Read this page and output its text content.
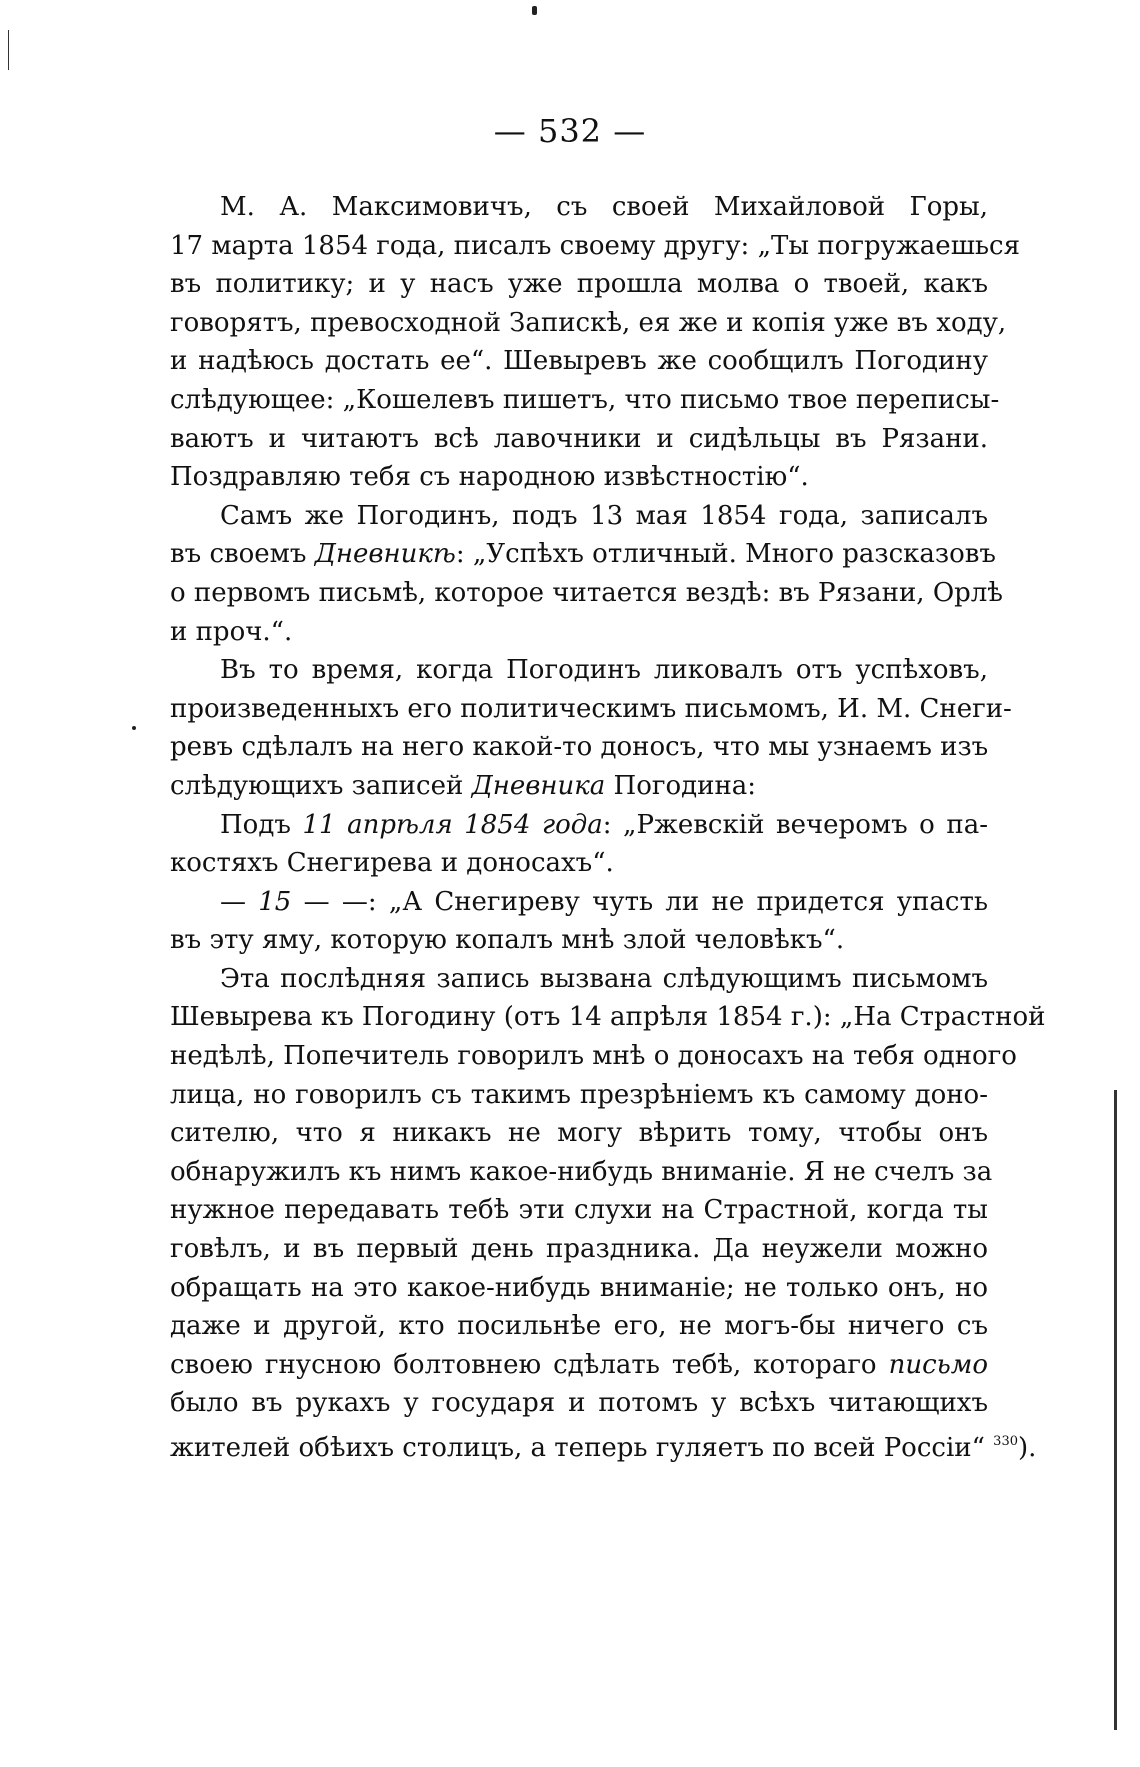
— 532 —
М. А. Максимовичъ, съ своей Михайловой Горы,
17 марта 1854 года, писалъ своему другу: „Ты погружаешься
въ политику; и у насъ уже прошла молва о твоей, какъ
говорятъ, превосходной Запискѣ, ея же и копія уже въ ходу,
и надѣюсь достать ее“. Шевыревъ же сообщилъ Погодину
слѣдующее: „Кошелевъ пишетъ, что письмо твое переписы-
ваютъ и читаютъ всѣ лавочники и сидѣльцы въ Рязани.
Поздравляю тебя съ народною извѣстностію“.
Самъ же Погодинъ, подъ 13 мая 1854 года, записалъ
въ своемъ Дневникѣ: „Успѣхъ отличный. Много разсказовъ
о первомъ письмѣ, которое читается вездѣ: въ Рязани, Орлѣ
и проч.“.
Въ то время, когда Погодинъ ликовалъ отъ успѣховъ,
произведенныхъ его политическимъ письмомъ, И. М. Снеги-
ревъ сдѣлалъ на него какой-то доносъ, что мы узнаемъ изъ
слѣдующихъ записей Дневника Погодина:
Подъ 11 апрѣля 1854 года: „Ржевскій вечеромъ о па-
костяхъ Снегирева и доносахъ“.
— 15 — —: „А Снегиреву чуть ли не придется упасть
въ эту яму, которую копалъ мнѣ злой человѣкъ“.
Эта послѣдняя запись вызвана слѣдующимъ письмомъ
Шевырева къ Погодину (отъ 14 апрѣля 1854 г.): „На Страстной
недѣлѣ, Попечитель говорилъ мнѣ о доносахъ на тебя одного
лица, но говорилъ съ такимъ презрѣніемъ къ самому доно-
сителю, что я никакъ не могу вѣрить тому, чтобы онъ
обнаружилъ къ нимъ какое-нибудь вниманіе. Я не счелъ за
нужное передавать тебѣ эти слухи на Страстной, когда ты
говѣлъ, и въ первый день праздника. Да неужели можно
обращать на это какое-нибудь вниманіе; не только онъ, но
даже и другой, кто посильнѣе его, не могъ-бы ничего съ
своею гнусною болтовнею сдѣлать тебѣ, котораго письмо
было въ рукахъ у государя и потомъ у всѣхъ читающихъ
жителей обѣихъ столицъ, а теперь гуляетъ по всей Россіи“ $^{330}$).
